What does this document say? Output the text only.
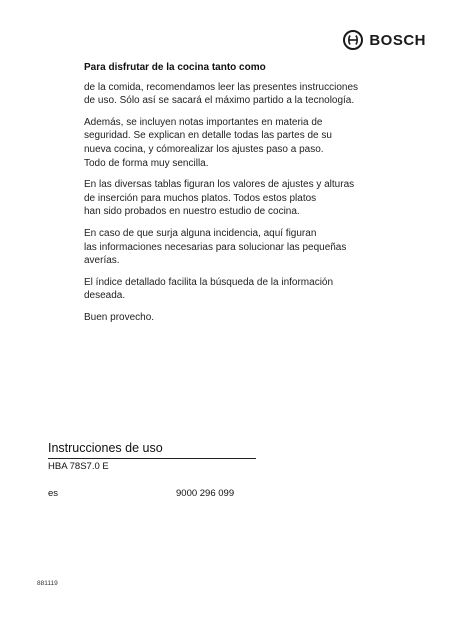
BOSCH
Para disfrutar de la cocina tanto como

de la comida, recomendamos leer las presentes instrucciones
de uso. Sólo así se sacará el máximo partido a la tecnología.

Además, se incluyen notas importantes en materia de
seguridad. Se explican en detalle todas las partes de su
nueva cocina, y cómorealizar los ajustes paso a paso.
Todo de forma muy sencilla.

En las diversas tablas figuran los valores de ajustes y alturas
de inserción para muchos platos. Todos estos platos
han sido probados en nuestro estudio de cocina.

En caso de que surja alguna incidencia, aquí figuran
las informaciones necesarias para solucionar las pequeñas
averías.

El índice detallado facilita la búsqueda de la información
deseada.

Buen provecho.

Instrucciones de uso
HBA 78S7.0 E
es	9000 296 099
881119
